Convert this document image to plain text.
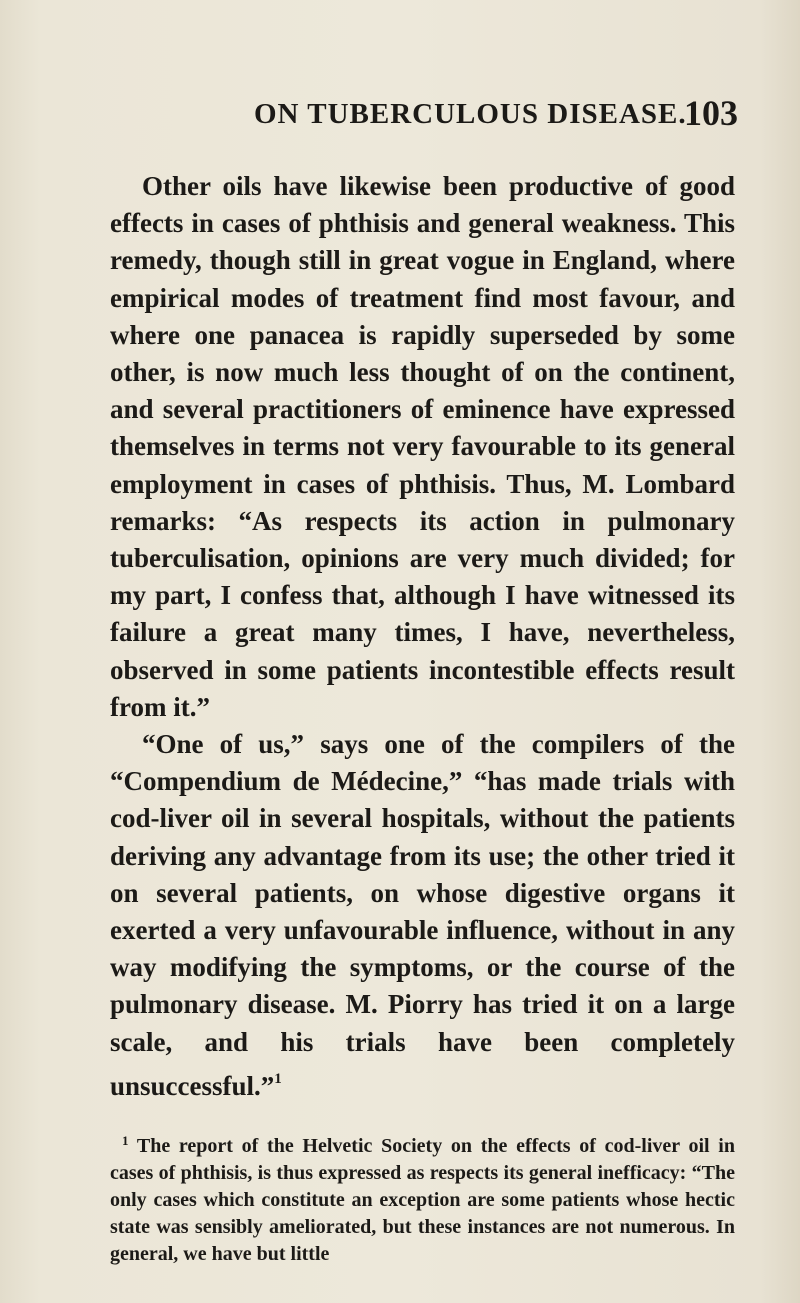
ON TUBERCULOUS DISEASE.
103

Other oils have likewise been productive of good effects in cases of phthisis and general weakness. This remedy, though still in great vogue in England, where empirical modes of treatment find most favour, and where one panacea is rapidly superseded by some other, is now much less thought of on the continent, and several practitioners of eminence have expressed themselves in terms not very favourable to its general employment in cases of phthisis. Thus, M. Lombard remarks: “As respects its action in pulmonary tuberculisation, opinions are very much divided; for my part, I confess that, although I have witnessed its failure a great many times, I have, nevertheless, observed in some patients incontestible effects result from it.”

“One of us,” says one of the compilers of the “Compendium de Médecine,” “has made trials with cod-liver oil in several hospitals, without the patients deriving any advantage from its use; the other tried it on several patients, on whose digestive organs it exerted a very unfavourable influence, without in any way modifying the symptoms, or the course of the pulmonary disease. M. Piorry has tried it on a large scale, and his trials have been completely unsuccessful.”$^1$

$^1$ The report of the Helvetic Society on the effects of cod-liver oil in cases of phthisis, is thus expressed as respects its general inefficacy: “The only cases which constitute an exception are some patients whose hectic state was sensibly ameliorated, but these instances are not numerous. In general, we have but little
